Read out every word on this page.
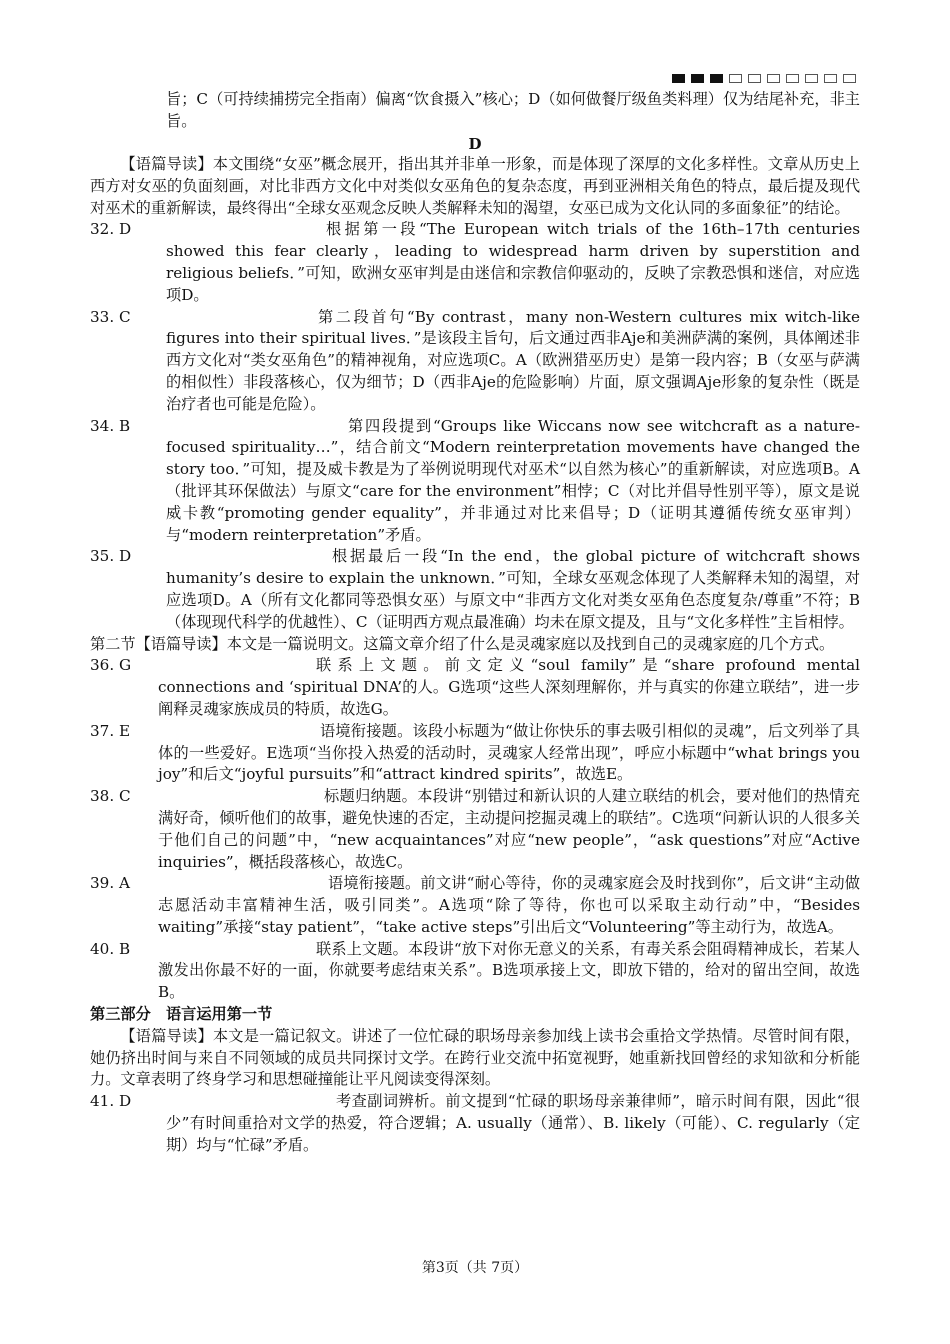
旨；C（可持续捕捞完全指南）偏离“饮食摄入”核心；D（如何做餐厅级鱼类料理）仅为结尾补充，非主旨。

D

【语篇导读】本文围绕“女巫”概念展开，指出其并非单一形象，而是体现了深厚的文化多样性。文章从历史上西方对女巫的负面刻画，对比非西方文化中对类似女巫角色的复杂态度，再到亚洲相关角色的特点，最后提及现代对巫术的重新解读，最终得出“全球女巫观念反映人类解释未知的渴望，女巫已成为文化认同的多面象征”的结论。

32. D	根据第一段“The European witch trials of the 16th–17th centuries showed this fear clearly，leading to widespread harm driven by superstition and religious beliefs．”可知，欧洲女巫审判是由迷信和宗教信仰驱动的，反映了宗教恐惧和迷信，对应选项D。

33. C	第二段首句“By contrast，many non-Western cultures mix witch-like figures into their spiritual lives．”是该段主旨句，后文通过西非Aje和美洲萨满的案例，具体阐述非西方文化对“类女巫角色”的精神视角，对应选项C。A（欧洲猎巫历史）是第一段内容；B（女巫与萨满的相似性）非段落核心，仅为细节；D（西非Aje的危险影响）片面，原文强调Aje形象的复杂性（既是治疗者也可能是危险）。

34. B	第四段提到“Groups like Wiccans now see witchcraft as a nature-focused spirituality…”，结合前文“Modern reinterpretation movements have changed the story too．”可知，提及威卡教是为了举例说明现代对巫术“以自然为核心”的重新解读，对应选项B。A（批评其环保做法）与原文“care for the environment”相悖；C（对比并倡导性别平等），原文是说威卡教“promoting gender equality”，并非通过对比来倡导；D（证明其遵循传统女巫审判）与“modern reinterpretation”矛盾。

35. D	根据最后一段“In the end，the global picture of witchcraft shows humanity’s desire to explain the unknown．”可知，全球女巫观念体现了人类解释未知的渴望，对应选项D。A（所有文化都同等恐惧女巫）与原文中“非西方文化对类女巫角色态度复杂/尊重”不符；B（体现现代科学的优越性）、C（证明西方观点最准确）均未在原文提及，且与“文化多样性”主旨相悖。

第二节【语篇导读】本文是一篇说明文。这篇文章介绍了什么是灵魂家庭以及找到自己的灵魂家庭的几个方式。

36. G	联系上文题。前文定义“soul family”是“share profound mental connections and ‘spiritual DNA’的人。G选项“这些人深刻理解你，并与真实的你建立联结”，进一步阐释灵魂家族成员的特质，故选G。

37. E	语境衔接题。该段小标题为“做让你快乐的事去吸引相似的灵魂”，后文列举了具体的一些爱好。E选项“当你投入热爱的活动时，灵魂家人经常出现”，呼应小标题中“what brings you joy”和后文“joyful pursuits”和“attract kindred spirits”，故选E。

38. C	标题归纳题。本段讲“别错过和新认识的人建立联结的机会，要对他们的热情充满好奇，倾听他们的故事，避免快速的否定，主动提问挖掘灵魂上的联结”。C选项“问新认识的人很多关于他们自己的问题”中，“new acquaintances”对应“new people”，“ask questions”对应“Active inquiries”，概括段落核心，故选C。

39. A	语境衔接题。前文讲“耐心等待，你的灵魂家庭会及时找到你”，后文讲“主动做志愿活动丰富精神生活，吸引同类”。A选项“除了等待，你也可以采取主动行动”中，“Besides waiting”承接“stay patient”，“take active steps”引出后文“Volunteering”等主动行为，故选A。

40. B	联系上文题。本段讲“放下对你无意义的关系，有毒关系会阻碍精神成长，若某人激发出你最不好的一面，你就要考虑结束关系”。B选项承接上文，即放下错的，给对的留出空间，故选B。

第三部分　语言运用第一节

【语篇导读】本文是一篇记叙文。讲述了一位忙碌的职场母亲参加线上读书会重拾文学热情。尽管时间有限，她仍挤出时间与来自不同领域的成员共同探讨文学。在跨行业交流中拓宽视野，她重新找回曾经的求知欲和分析能力。文章表明了终身学习和思想碰撞能让平凡阅读变得深刻。

41. D	考查副词辨析。前文提到“忙碌的职场母亲兼律师”，暗示时间有限，因此“很少”有时间重拾对文学的热爱，符合逻辑；A. usually（通常）、B. likely（可能）、C. regularly（定期）均与“忙碌”矛盾。

第3页（共 7页）
